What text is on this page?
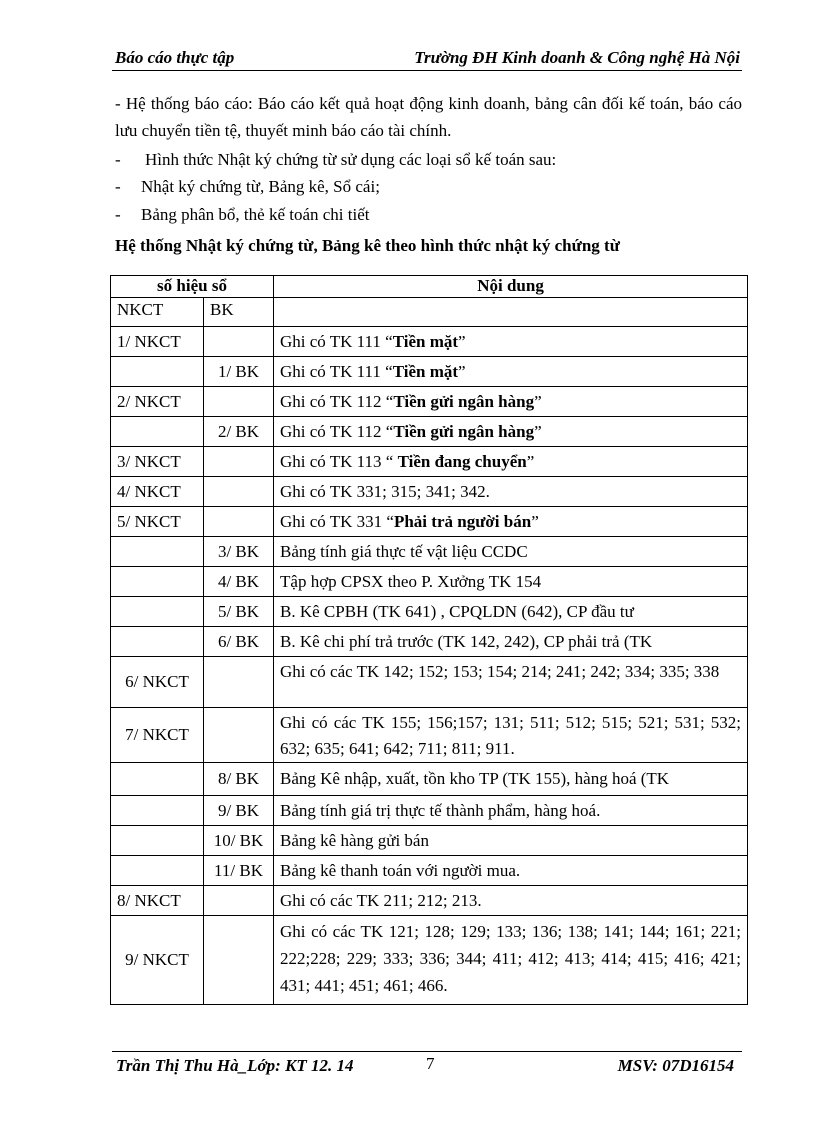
Báo cáo thực tập	Trường ĐH Kinh doanh & Công nghệ Hà Nội
- Hệ thống báo cáo: Báo cáo kết quả hoạt động kinh doanh, bảng cân đối kế toán, báo cáo lưu chuyển tiền tệ, thuyết minh báo cáo tài chính.
- Hình thức Nhật ký chứng từ sử dụng các loại sổ kế toán sau:
- Nhật ký chứng từ, Bảng kê, Sổ cái;
- Bảng phân bổ, thẻ kế toán chi tiết
Hệ thống Nhật ký chứng từ, Bảng kê theo hình thức nhật ký chứng từ
số hiệu sổ		Nội dung
NKCT	BK	
1/ NKCT		Ghi có TK 111 “Tiền mặt”
	1/ BK	Ghi có TK 111 “Tiền mặt”
2/ NKCT		Ghi có TK 112 “Tiền gửi ngân hàng”
	2/ BK	Ghi có TK 112 “Tiền gửi ngân hàng”
3/ NKCT		Ghi có TK 113 “ Tiền đang chuyển”
4/ NKCT		Ghi có TK 331; 315; 341; 342.
5/ NKCT		Ghi có TK 331 “Phải trả người bán”
	3/ BK	Bảng tính giá thực tế vật liệu CCDC
	4/ BK	Tập hợp CPSX theo P. Xưởng TK 154
	5/ BK	B. Kê CPBH (TK 641) , CPQLDN (642), CP đầu tư
	6/ BK	B. Kê chi phí trả trước (TK 142, 242), CP phải trả (TK
6/ NKCT		Ghi có các TK 142; 152; 153; 154; 214; 241; 242; 334; 335; 338

7/ NKCT		Ghi có các TK 155; 156;157; 131; 511; 512; 515; 521; 531; 532; 632; 635; 641; 642; 711; 811; 911.
	8/ BK	Bảng Kê nhập, xuất, tồn kho TP (TK 155), hàng hoá (TK
	9/ BK	Bảng tính giá trị thực tế thành phẩm, hàng hoá.
	10/ BK	Bảng kê hàng gửi bán
	11/ BK	Bảng kê thanh toán với người mua.
8/ NKCT		Ghi có các TK 211; 212; 213.
9/ NKCT		Ghi có các TK 121; 128; 129; 133; 136; 138; 141; 144; 161; 221; 222;228; 229; 333; 336; 344; 411; 412; 413; 414; 415; 416; 421; 431; 441; 451; 461; 466.
Trần Thị Thu Hà_Lớp: KT 12. 14	7	MSV: 07D16154
